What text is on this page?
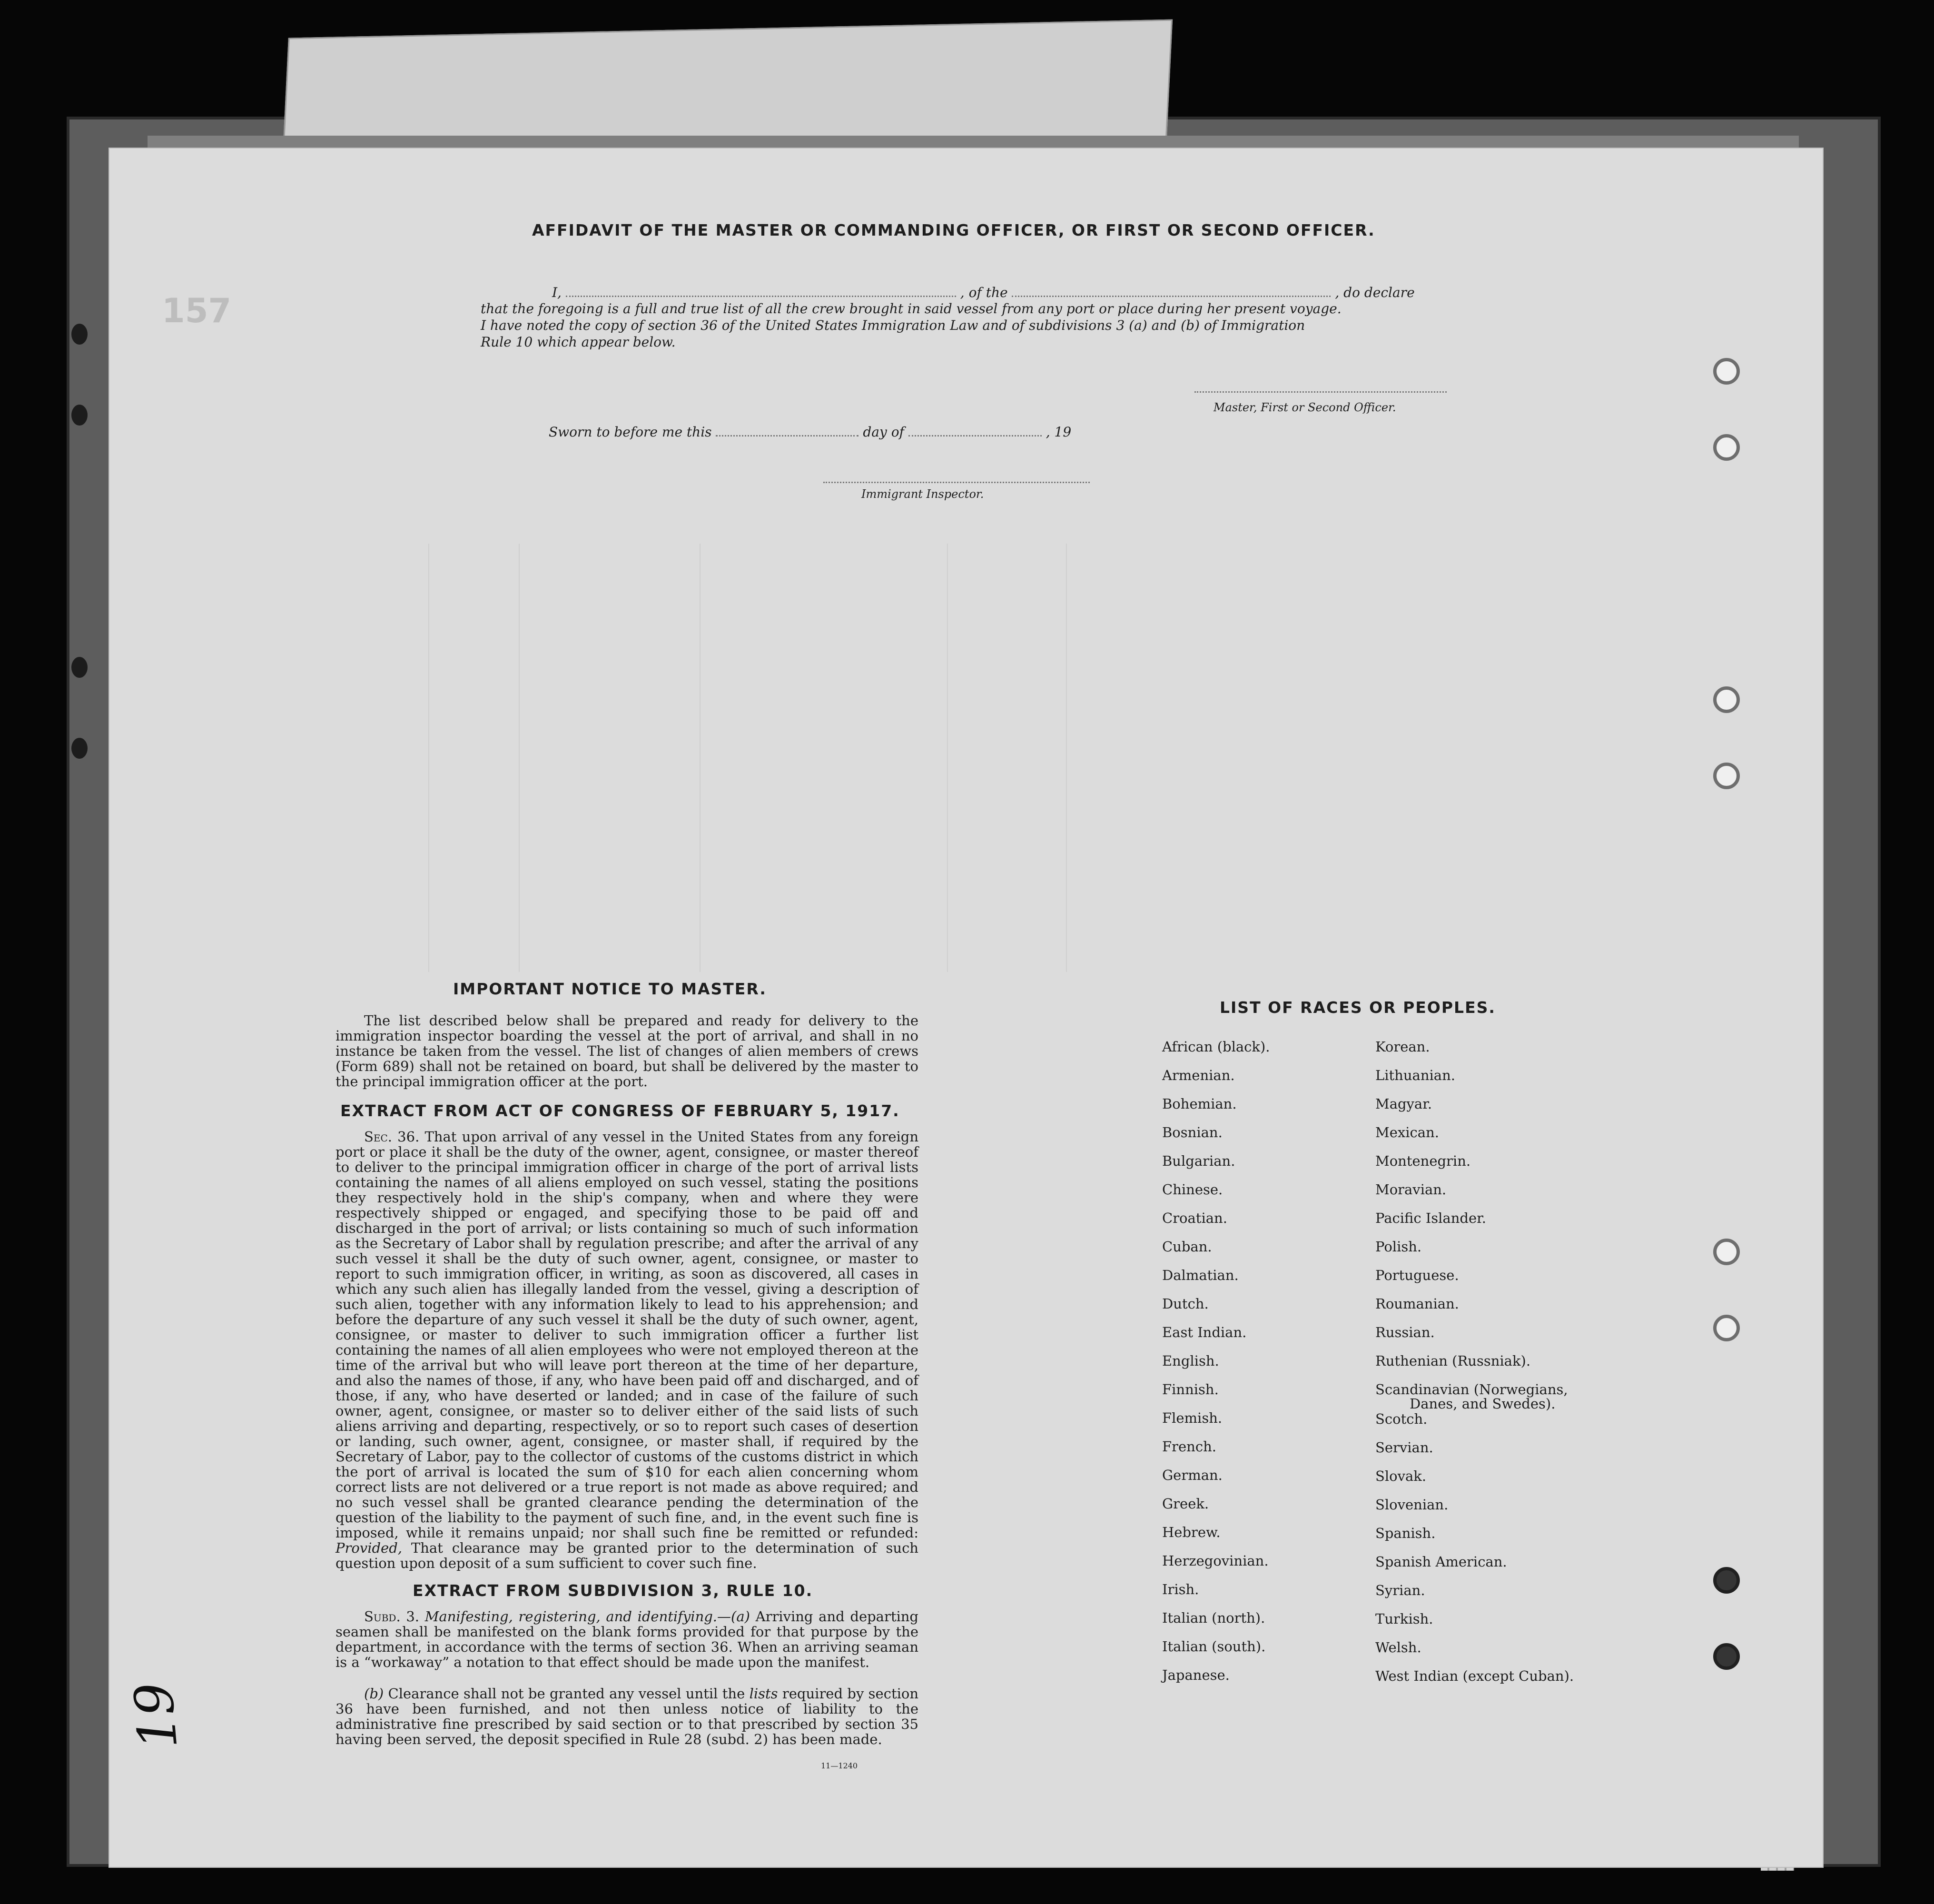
157
AFFIDAVIT OF THE MASTER OR COMMANDING OFFICER, OR FIRST OR SECOND OFFICER.
I,	, of the	, do declare
that the foregoing is a full and true list of all the crew brought in said vessel from any port or place during her present voyage.
I have noted the copy of section 36 of the United States Immigration Law and of subdivisions 3 (a) and (b) of Immigration
Rule 10 which appear below.
Master, First or Second Officer.
Sworn to before me this	day of	, 19
Immigrant Inspector.
IMPORTANT NOTICE TO MASTER.
The list described below shall be prepared and ready for delivery to the immigration inspector boarding the vessel at the port of arrival, and shall in no instance be taken from the vessel. The list of changes of alien members of crews (Form 689) shall not be retained on board, but shall be delivered by the master to the principal immigration officer at the port.
EXTRACT FROM ACT OF CONGRESS OF FEBRUARY 5, 1917.
Sec. 36. That upon arrival of any vessel in the United States from any foreign port or place it shall be the duty of the owner, agent, consignee, or master thereof to deliver to the principal immigration officer in charge of the port of arrival lists containing the names of all aliens employed on such vessel, stating the positions they respectively hold in the ship's company, when and where they were respectively shipped or engaged, and specifying those to be paid off and discharged in the port of arrival; or lists containing so much of such information as the Secretary of Labor shall by regulation prescribe; and after the arrival of any such vessel it shall be the duty of such owner, agent, consignee, or master to report to such immigration officer, in writing, as soon as discovered, all cases in which any such alien has illegally landed from the vessel, giving a description of such alien, together with any information likely to lead to his apprehension; and before the departure of any such vessel it shall be the duty of such owner, agent, consignee, or master to deliver to such immigration officer a further list containing the names of all alien employees who were not employed thereon at the time of the arrival but who will leave port thereon at the time of her departure, and also the names of those, if any, who have been paid off and discharged, and of those, if any, who have deserted or landed; and in case of the failure of such owner, agent, consignee, or master so to deliver either of the said lists of such aliens arriving and departing, respectively, or so to report such cases of desertion or landing, such owner, agent, consignee, or master shall, if required by the Secretary of Labor, pay to the collector of customs of the customs district in which the port of arrival is located the sum of $10 for each alien concerning whom correct lists are not delivered or a true report is not made as above required; and no such vessel shall be granted clearance pending the determination of the question of the liability to the payment of such fine, and, in the event such fine is imposed, while it remains unpaid; nor shall such fine be remitted or refunded: Provided, That clearance may be granted prior to the determination of such question upon deposit of a sum sufficient to cover such fine.
EXTRACT FROM SUBDIVISION 3, RULE 10.
Subd. 3. Manifesting, registering, and identifying.—(a) Arriving and departing seamen shall be manifested on the blank forms provided for that purpose by the department, in accordance with the terms of section 36. When an arriving seaman is a “workaway” a notation to that effect should be made upon the manifest.
(b) Clearance shall not be granted any vessel until the lists required by section 36 have been furnished, and not then unless notice of liability to the administrative fine prescribed by said section or to that prescribed by section 35 having been served, the deposit specified in Rule 28 (subd. 2) has been made.
11—1240
LIST OF RACES OR PEOPLES.
African (black).
Armenian.
Bohemian.
Bosnian.
Bulgarian.
Chinese.
Croatian.
Cuban.
Dalmatian.
Dutch.
East Indian.
English.
Finnish.
Flemish.
French.
German.
Greek.
Hebrew.
Herzegovinian.
Irish.
Italian (north).
Italian (south).
Japanese.
Korean.
Lithuanian.
Magyar.
Mexican.
Montenegrin.
Moravian.
Pacific Islander.
Polish.
Portuguese.
Roumanian.
Russian.
Ruthenian (Russniak).
Scandinavian (Norwegians,
Danes, and Swedes).
Scotch.
Servian.
Slovak.
Slovenian.
Spanish.
Spanish American.
Syrian.
Turkish.
Welsh.
West Indian (except Cuban).
19
